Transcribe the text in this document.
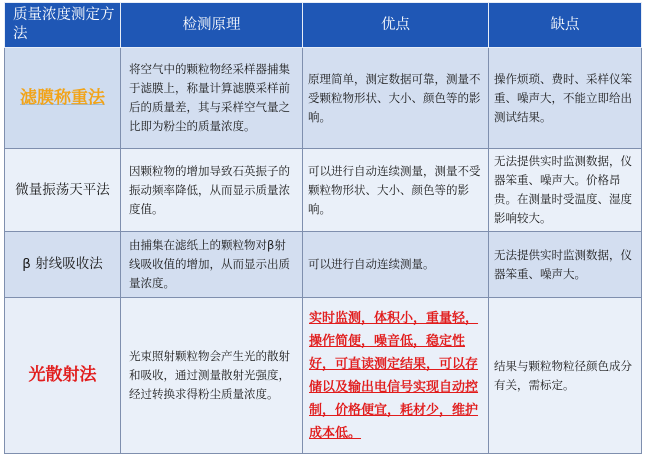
质量浓度测定方法	检测原理	优点	缺点
滤膜称重法	将空气中的颗粒物经采样器捕集于滤膜上，称量计算滤膜采样前后的质量差，其与采样空气量之比即为粉尘的质量浓度。	原理简单，测定数据可靠，测量不受颗粒物形状、大小、颜色等的影响。	操作烦琐、费时、采样仪笨重、噪声大，不能立即给出测试结果。
微量振荡天平法	因颗粒物的增加导致石英振子的振动频率降低，从而显示质量浓度值。	可以进行自动连续测量，测量不受颗粒物形状、大小、颜色等的影响。	无法提供实时监测数据，仪器笨重、噪声大。价格昂贵。在测量时受温度、湿度影响较大。
β 射线吸收法	由捕集在滤纸上的颗粒物对β射线吸收值的增加，从而显示出质量浓度。	可以进行自动连续测量。	无法提供实时监测数据，仪器笨重、噪声大。
光散射法	光束照射颗粒物会产生光的散射和吸收，通过测量散射光强度，经过转换求得粉尘质量浓度。	实时监测，体积小，重量轻，操作简便，噪音低，稳定性好，可直读测定结果，可以存储以及输出电信号实现自动控制，价格便宜，耗材少，维护成本低。	结果与颗粒物粒径颜色成分有关，需标定。
